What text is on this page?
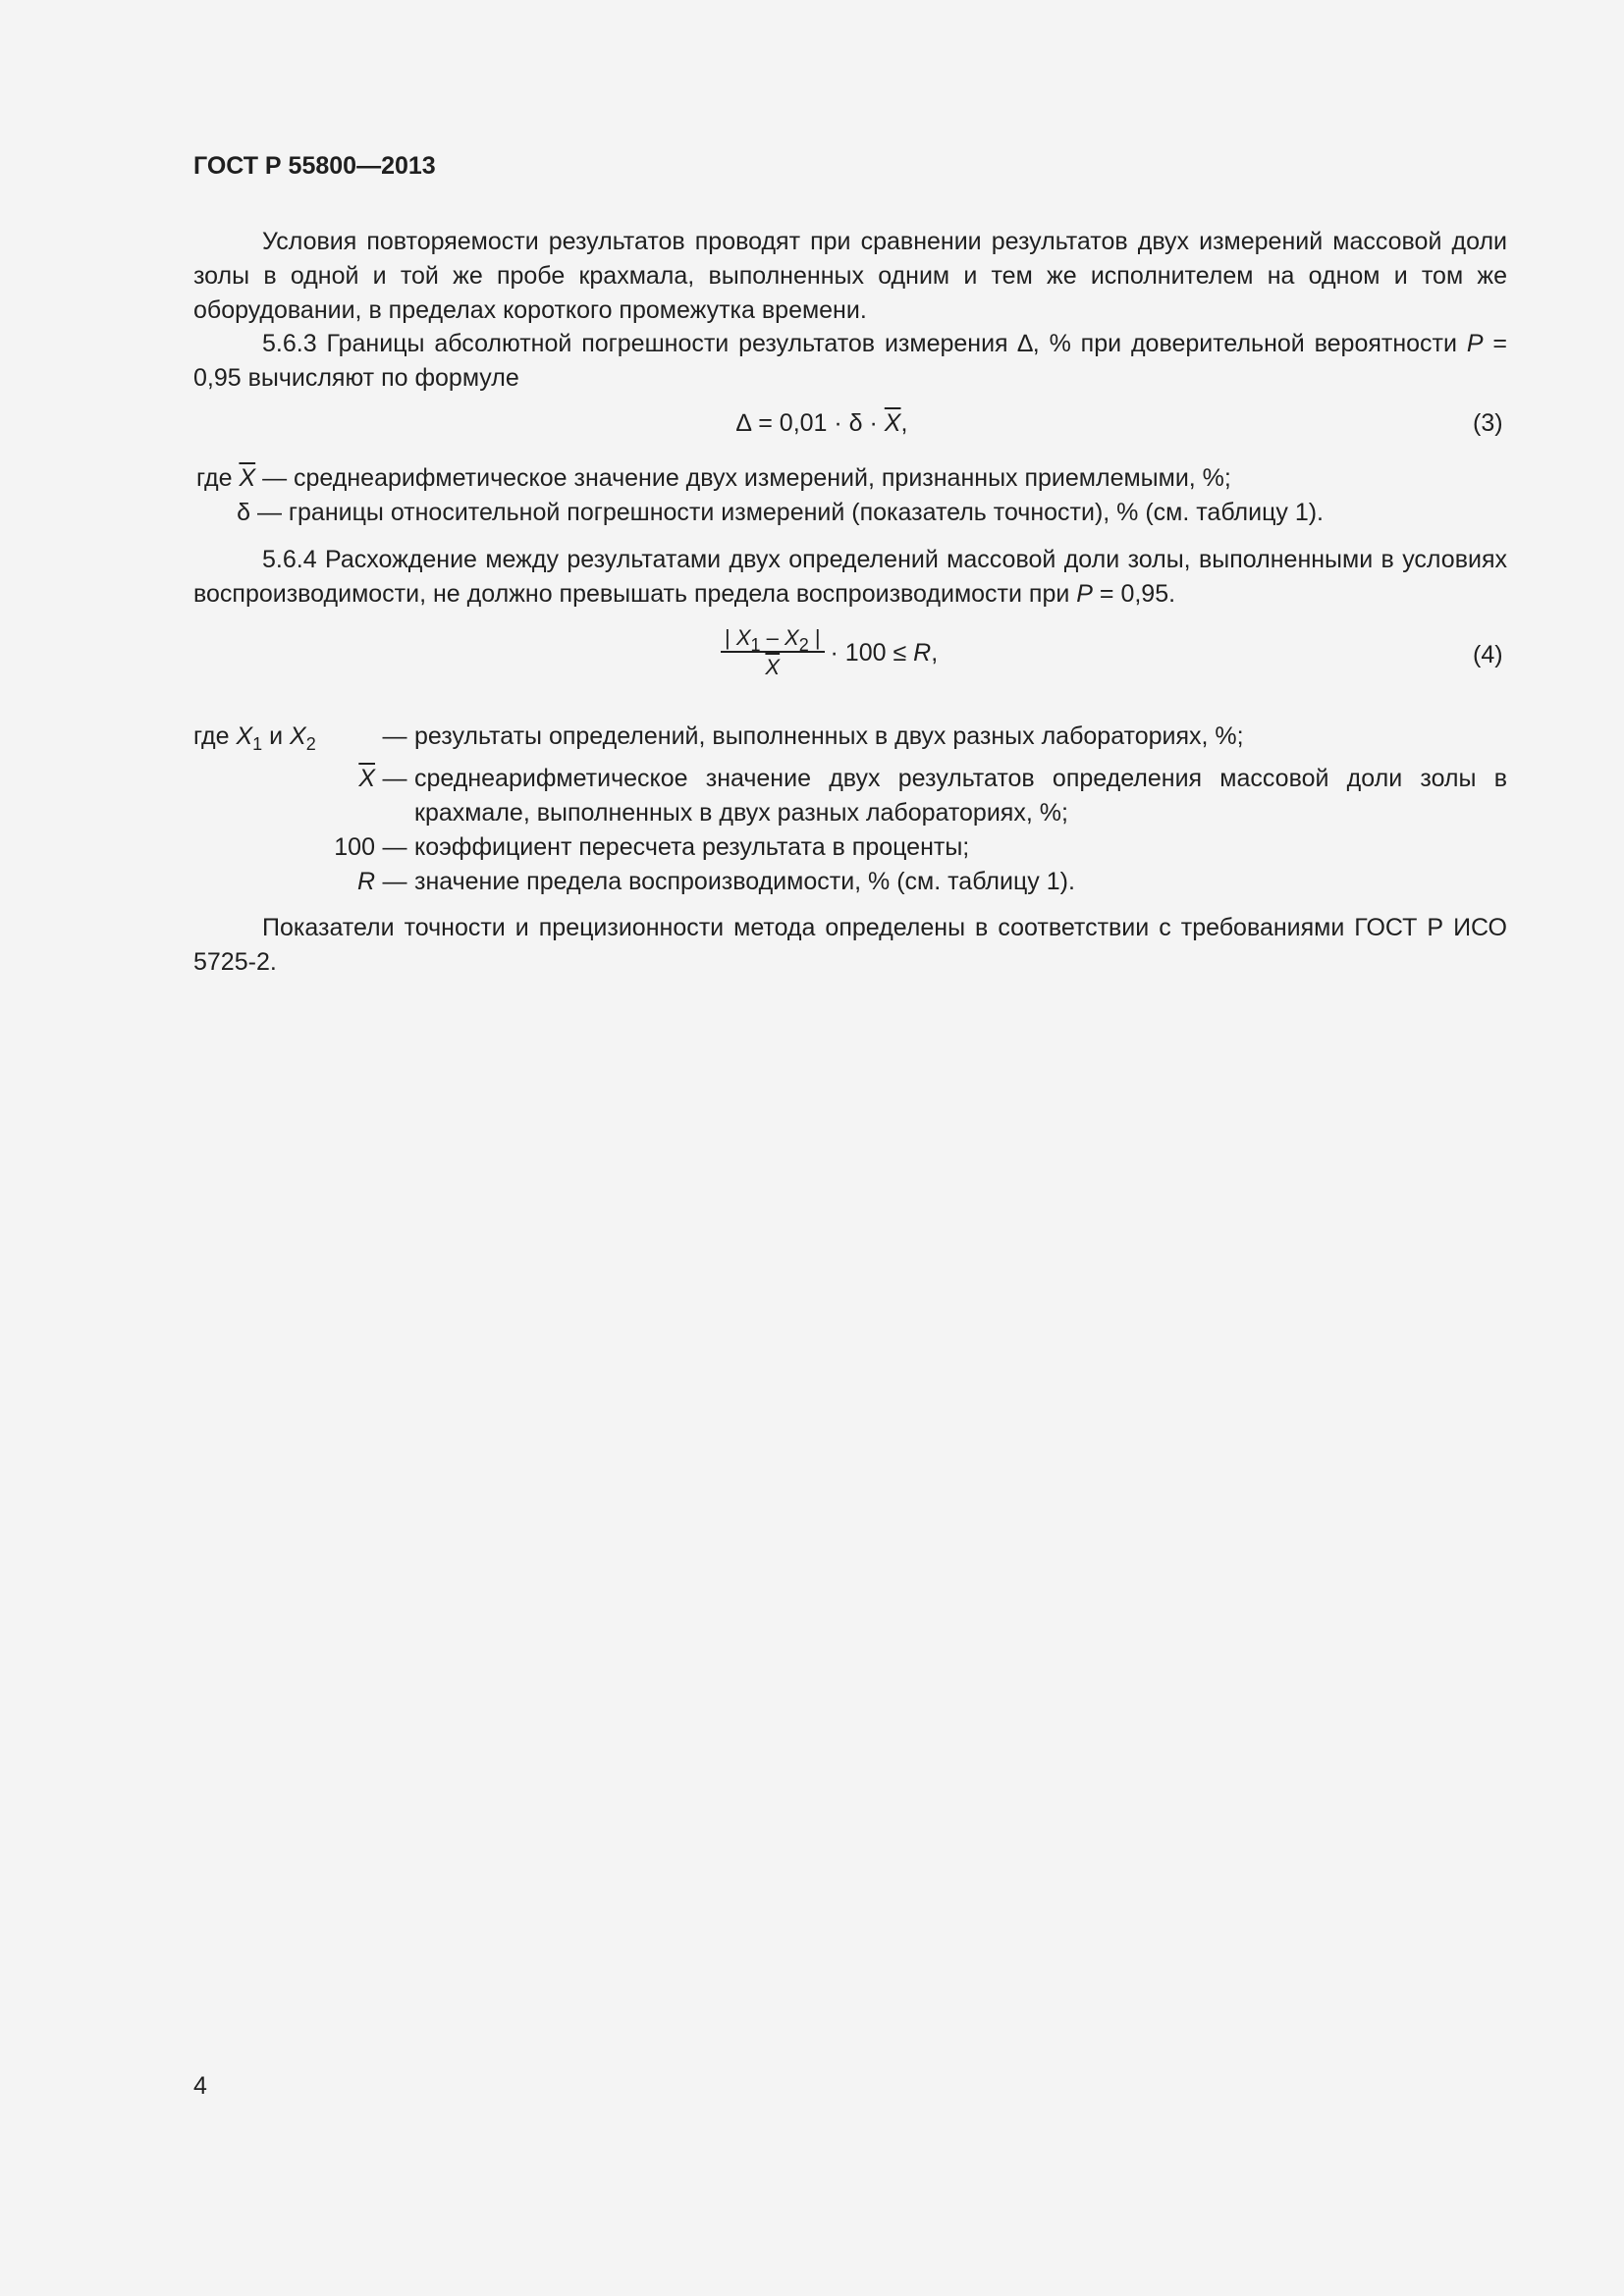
ГОСТ Р 55800—2013
Условия повторяемости результатов проводят при сравнении результатов двух измерений массовой доли золы в одной и той же пробе крахмала, выполненных одним и тем же исполнителем на одном и том же оборудовании, в пределах короткого промежутка времени.
5.6.3 Границы абсолютной погрешности результатов измерения ∆, % при доверительной вероятности P = 0,95 вычисляют по формуле
∆ = $0,01 \cdot \delta \cdot \overline{X}$,	(3)
где $\overline{X}$ — среднеарифметическое значение двух измерений, признанных приемлемыми, %;
δ — границы относительной погрешности измерений (показатель точности), % (см. таблицу 1).
5.6.4 Расхождение между результатами двух определений массовой доли золы, выполненными в условиях воспроизводимости, не должно превышать предела воспроизводимости при P = 0,95.
$\frac{| X_1 - X_2 |}{X} \cdot 100 \le R$,	(4)
где $X_1$ и $X_2$	— результаты определений, выполненных в двух разных лабораториях, %;
$\overline{X}$ — среднеарифметическое значение двух результатов определения массовой доли золы в крахмале, выполненных в двух разных лабораториях, %;
100 — коэффициент пересчета результата в проценты;
R — значение предела воспроизводимости, % (см. таблицу 1).
Показатели точности и прецизионности метода определены в соответствии с требованиями ГОСТ Р ИСО 5725-2.
4
